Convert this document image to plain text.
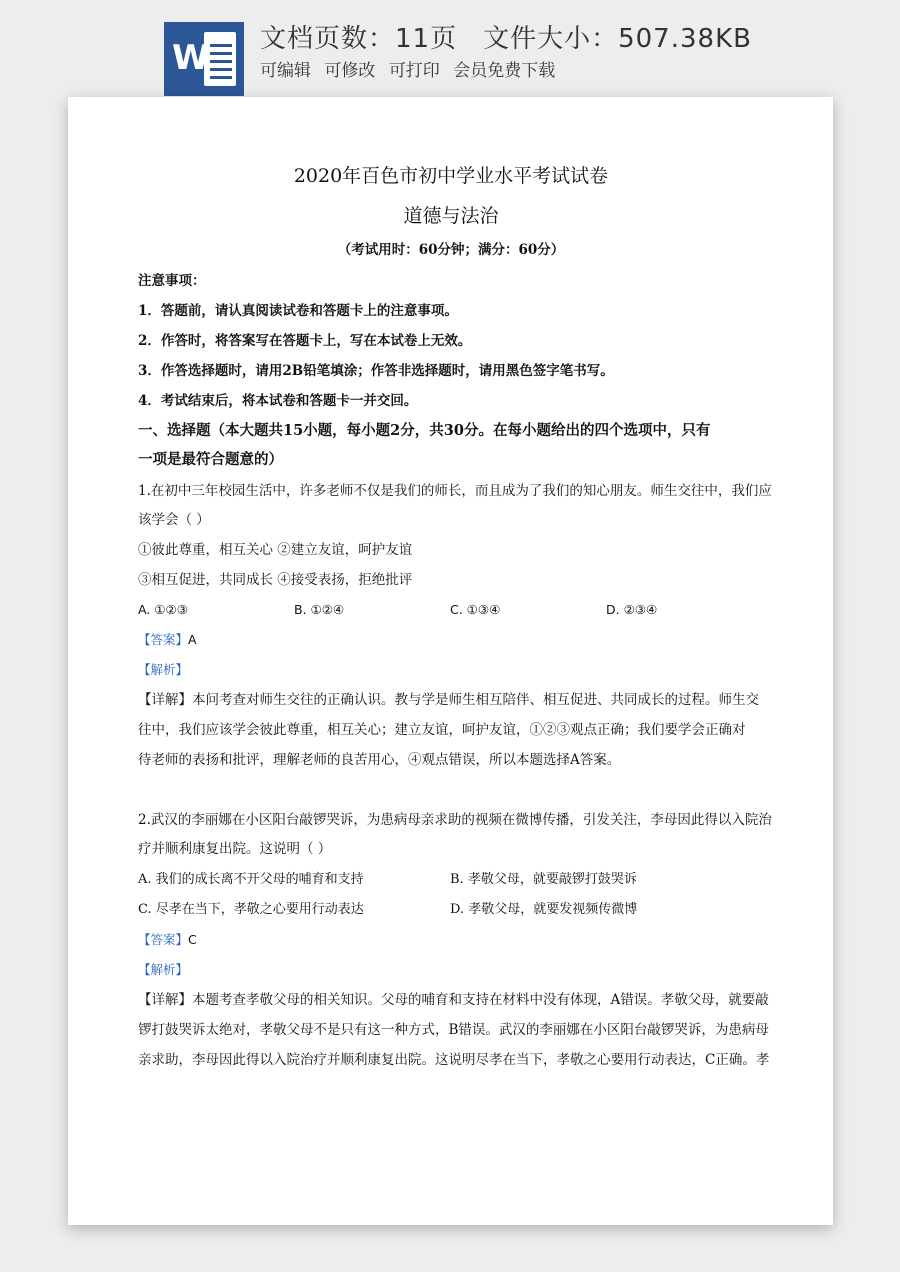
W 文档页数：11页 文件大小：507.38KB
可编辑 可修改 可打印 会员免费下载
2020年百色市初中学业水平考试试卷
道德与法治
（考试用时：60分钟；满分：60分）
注意事项：
1．答题前，请认真阅读试卷和答题卡上的注意事项。
2．作答时，将答案写在答题卡上，写在本试卷上无效。
3．作答选择题时，请用2B铅笔填涂；作答非选择题时，请用黑色签字笔书写。
4．考试结束后，将本试卷和答题卡一并交回。
一、选择题（本大题共15小题，每小题2分，共30分。在每小题给出的四个选项中，只有
一项是最符合题意的）
1.在初中三年校园生活中，许多老师不仅是我们的师长，而且成为了我们的知心朋友。师生交往中，我们应
该学会（ ）
①彼此尊重，相互关心 ②建立友谊，呵护友谊
③相互促进，共同成长 ④接受表扬，拒绝批评
A. ①②③	B. ①②④	C. ①③④	D. ②③④
【答案】A
【解析】
【详解】本问考查对师生交往的正确认识。教与学是师生相互陪伴、相互促进、共同成长的过程。师生交
往中，我们应该学会彼此尊重，相互关心；建立友谊，呵护友谊，①②③观点正确；我们要学会正确对
待老师的表扬和批评，理解老师的良苦用心，④观点错误，所以本题选择A答案。
2.武汉的李丽娜在小区阳台敲锣哭诉，为患病母亲求助的视频在微博传播，引发关注，李母因此得以入院治
疗并顺利康复出院。这说明（ ）
A. 我们的成长离不开父母的哺育和支持	B. 孝敬父母，就要敲锣打鼓哭诉
C. 尽孝在当下，孝敬之心要用行动表达	D. 孝敬父母，就要发视频传微博
【答案】C
【解析】
【详解】本题考查孝敬父母的相关知识。父母的哺育和支持在材料中没有体现，A错误。孝敬父母，就要敲
锣打鼓哭诉太绝对，孝敬父母不是只有这一种方式，B错误。武汉的李丽娜在小区阳台敲锣哭诉，为患病母
亲求助，李母因此得以入院治疗并顺利康复出院。这说明尽孝在当下，孝敬之心要用行动表达，C正确。孝
